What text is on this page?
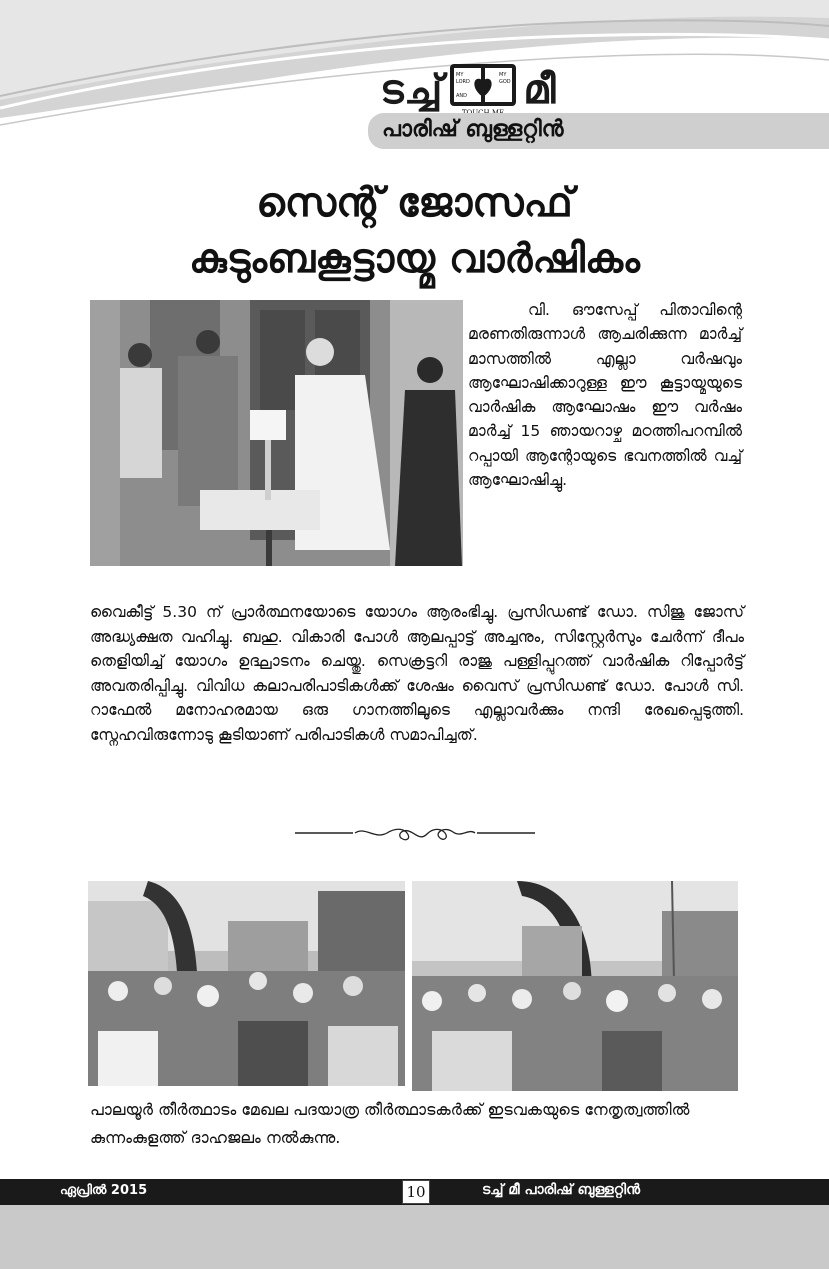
ടച്ച്	MY
LORD
AND
MY
GOD മീ
പാരിഷ് ബുള്ളറ്റിൻ
സെന്റ് ജോസഫ്
കുടുംബകൂട്ടായ്മ വാർഷികം

വി. ഔസേപ്പ് പിതാവിന്റെ മരണതിരുന്നാൾ ആചരിക്കുന്ന മാർച്ച് മാസത്തിൽ എല്ലാ വർഷവും ആഘോഷിക്കാറുള്ള ഈ കൂട്ടായ്മയുടെ വാർഷിക ആഘോഷം ഈ വർഷം മാർച്ച് 15 ഞായറാഴ്ച മഠത്തിപറമ്പിൽ റപ്പായി ആന്റോയുടെ ഭവനത്തിൽ വച്ച് ആഘോഷിച്ചു.

വൈകീട്ട് 5.30 ന് പ്രാർത്ഥനയോടെ യോഗം ആരംഭിച്ചു. പ്രസിഡണ്ട് ഡോ. സിജു ജോസ് അദ്ധ്യക്ഷത വഹിച്ചു. ബഹു. വികാരി പോൾ ആലപ്പാട്ട് അച്ചനും, സിസ്റ്റേർസും ചേർന്ന് ദീപം തെളിയിച്ച് യോഗം ഉദ്ഘാടനം ചെയ്തു. സെക്രട്ടറി രാജു പള്ളിപ്പുറത്ത് വാർഷിക റിപ്പോർട്ട് അവതരിപ്പിച്ചു. വിവിധ കലാപരിപാടികൾക്ക് ശേഷം വൈസ് പ്രസിഡണ്ട് ഡോ. പോൾ സി. റാഫേൽ മനോഹരമായ ഒരു ഗാനത്തിലൂടെ എല്ലാവർക്കും നന്ദി രേഖപ്പെടുത്തി. സ്നേഹവിരുന്നോടു കൂടിയാണ് പരിപാടികൾ സമാപിച്ചത്.

പാലയൂർ തീർത്ഥാടം മേഖല പദയാത്ര തീർത്ഥാടകർക്ക് ഇടവകയുടെ നേതൃത്വത്തിൽ കുന്നംകുളത്ത് ദാഹജലം നൽകുന്നു.

ഏപ്രിൽ 2015	10	ടച്ച് മീ പാരിഷ് ബുള്ളറ്റിൻ
